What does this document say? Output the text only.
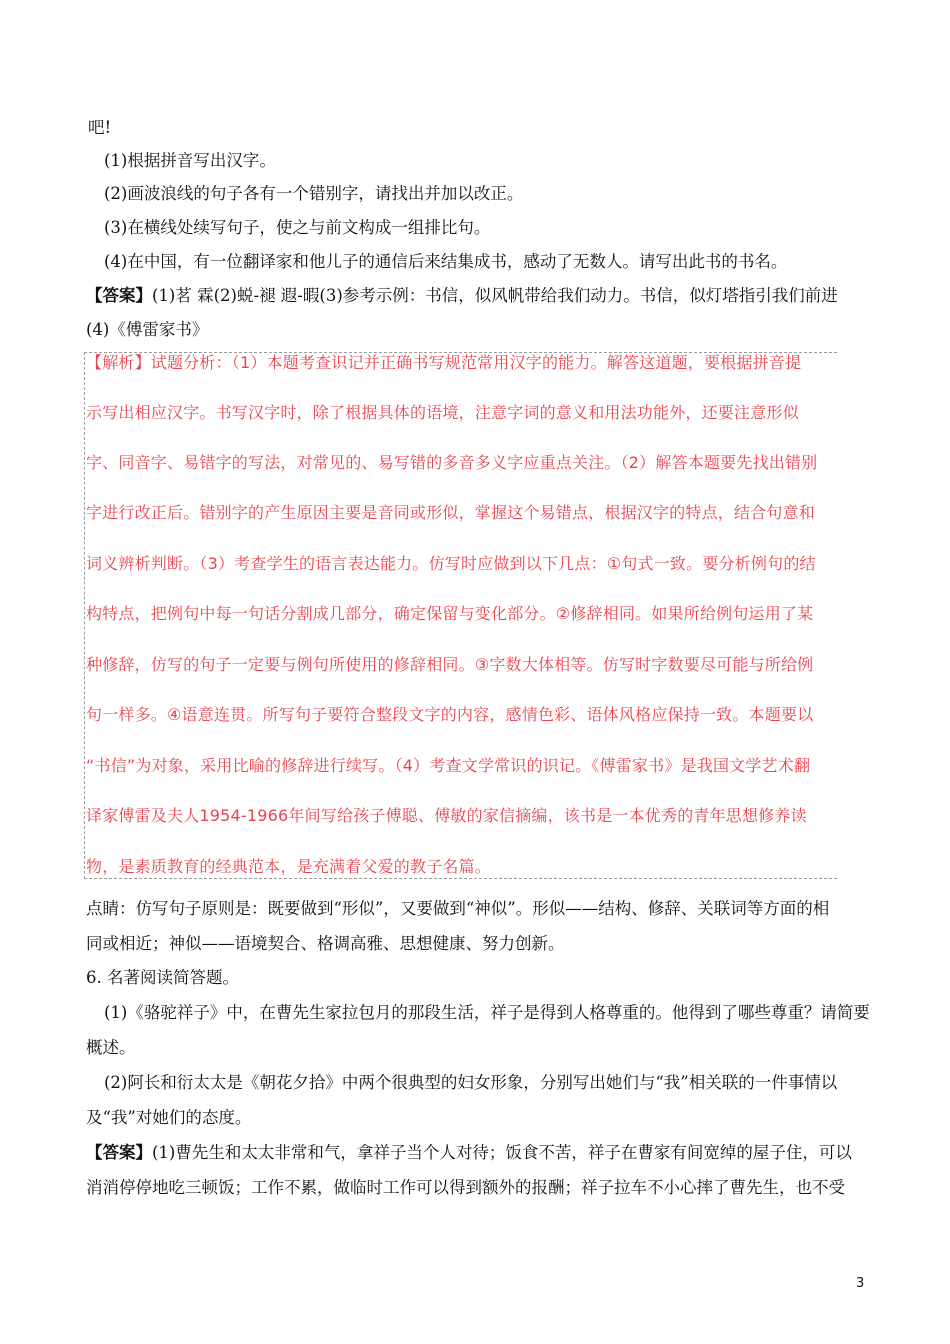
吧!
(1)根据拼音写出汉字。
(2)画波浪线的句子各有一个错别字，请找出并加以改正。
(3)在横线处续写句子，使之与前文构成一组排比句。
(4)在中国，有一位翻译家和他儿子的通信后来结集成书，感动了无数人。请写出此书的书名。
【答案】(1)茗 霖(2)蜕-褪 遐-暇(3)参考示例：书信，似风帆带给我们动力。书信，似灯塔指引我们前进
(4)《傅雷家书》
【解析】试题分析：（1）本题考查识记并正确书写规范常用汉字的能力。解答这道题，要根据拼音提
示写出相应汉字。书写汉字时，除了根据具体的语境，注意字词的意义和用法功能外，还要注意形似
字、同音字、易错字的写法，对常见的、易写错的多音多义字应重点关注。（2）解答本题要先找出错别
字进行改正后。错别字的产生原因主要是音同或形似，掌握这个易错点，根据汉字的特点，结合句意和
词义辨析判断。（3）考查学生的语言表达能力。仿写时应做到以下几点：①句式一致。要分析例句的结
构特点，把例句中每一句话分割成几部分，确定保留与变化部分。②修辞相同。如果所给例句运用了某
种修辞，仿写的句子一定要与例句所使用的修辞相同。③字数大体相等。仿写时字数要尽可能与所给例
句一样多。④语意连贯。所写句子要符合整段文字的内容，感情色彩、语体风格应保持一致。本题要以
“书信”为对象，采用比喻的修辞进行续写。（4）考查文学常识的识记。《傅雷家书》是我国文学艺术翻
译家傅雷及夫人1954-1966年间写给孩子傅聪、傅敏的家信摘编，该书是一本优秀的青年思想修养读
物，是素质教育的经典范本，是充满着父爱的教子名篇。
点睛：仿写句子原则是：既要做到“形似”，又要做到“神似”。形似——结构、修辞、关联词等方面的相
同或相近；神似——语境契合、格调高雅、思想健康、努力创新。
6. 名著阅读简答题。
(1)《骆驼祥子》中，在曹先生家拉包月的那段生活，祥子是得到人格尊重的。他得到了哪些尊重？请简要
概述。
(2)阿长和衍太太是《朝花夕拾》中两个很典型的妇女形象，分别写出她们与“我”相关联的一件事情以
及“我”对她们的态度。
【答案】(1)曹先生和太太非常和气，拿祥子当个人对待；饭食不苦，祥子在曹家有间宽绰的屋子住，可以
消消停停地吃三顿饭；工作不累，做临时工作可以得到额外的报酬；祥子拉车不小心摔了曹先生，也不受
3
